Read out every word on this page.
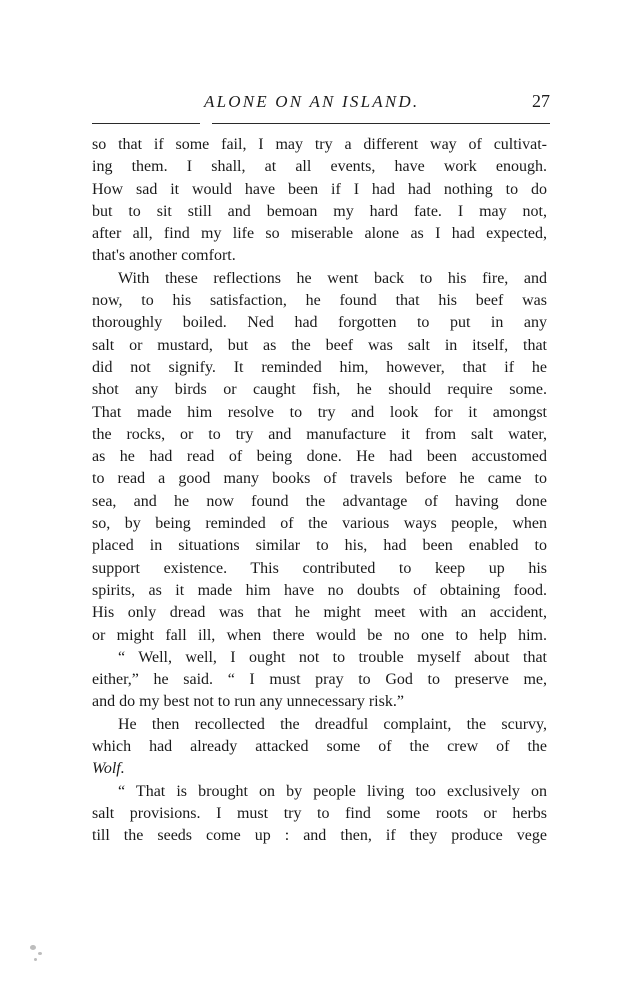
ALONE ON AN ISLAND.	27
so that if some fail, I may try a different way of cultivat-
ing them. I shall, at all events, have work enough.
How sad it would have been if I had had nothing to do
but to sit still and bemoan my hard fate. I may not,
after all, find my life so miserable alone as I had expected,
that's another comfort.
With these reflections he went back to his fire, and
now, to his satisfaction, he found that his beef was
thoroughly boiled. Ned had forgotten to put in any
salt or mustard, but as the beef was salt in itself, that
did not signify. It reminded him, however, that if he
shot any birds or caught fish, he should require some.
That made him resolve to try and look for it amongst
the rocks, or to try and manufacture it from salt water,
as he had read of being done. He had been accustomed
to read a good many books of travels before he came to
sea, and he now found the advantage of having done
so, by being reminded of the various ways people, when
placed in situations similar to his, had been enabled to
support existence. This contributed to keep up his
spirits, as it made him have no doubts of obtaining food.
His only dread was that he might meet with an accident,
or might fall ill, when there would be no one to help him.
“ Well, well, I ought not to trouble myself about that
either,” he said. “ I must pray to God to preserve me,
and do my best not to run any unnecessary risk.”
He then recollected the dreadful complaint, the scurvy,
which had already attacked some of the crew of the
Wolf.
“ That is brought on by people living too exclusively on
salt provisions. I must try to find some roots or herbs
till the seeds come up : and then, if they produce vege
